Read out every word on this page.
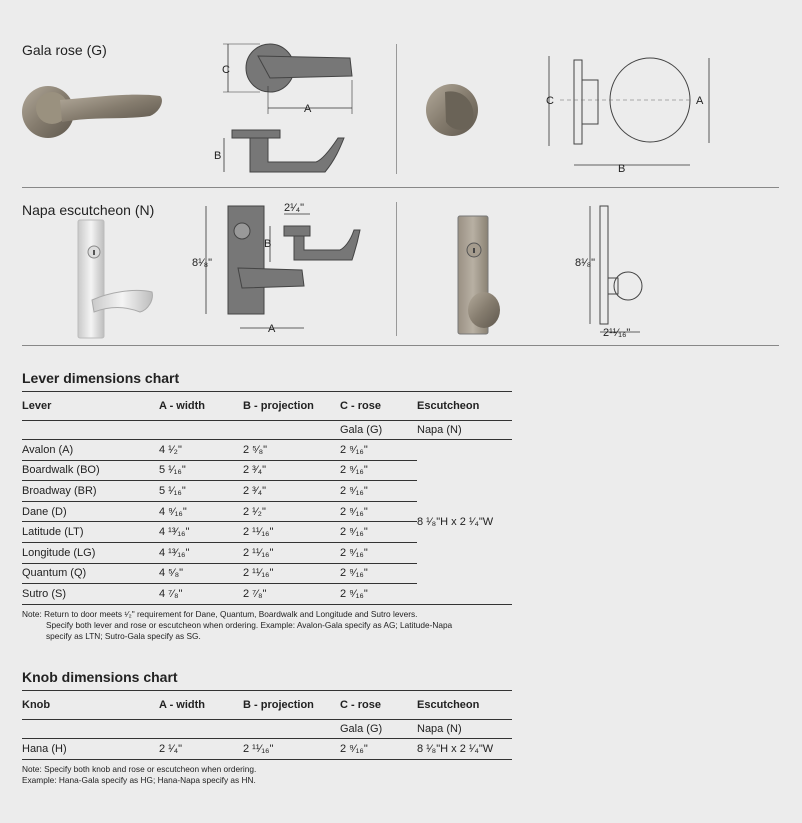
Gala rose (G)
Napa escutcheon (N)
C
A
B
C	A
B
8¹⁄₈"
A
B
2¹⁄₄"
8¹⁄₈"
2¹¹⁄₁₆"
Lever dimensions chart
Lever	A - width	B - projection	C - rose	Escutcheon
			Gala (G)	Napa (N)
Avalon (A)	4 ¹⁄₂"	2 ⁵⁄₈"	2 ⁹⁄₁₆"	8 ¹⁄₈"H x 2 ¹⁄₄"W
Boardwalk (BO)	5 ¹⁄₁₆"	2 ³⁄₄"	2 ⁹⁄₁₆"	
Broadway (BR)	5 ¹⁄₁₆"	2 ³⁄₄"	2 ⁹⁄₁₆"	
Dane (D)	4 ⁹⁄₁₆"	2 ¹⁄₂"	2 ⁹⁄₁₆"	
Latitude (LT)	4 ¹³⁄₁₆"	2 ¹¹⁄₁₆"	2 ⁹⁄₁₆"	
Longitude (LG)	4 ¹³⁄₁₆"	2 ¹¹⁄₁₆"	2 ⁹⁄₁₆"	
Quantum (Q)	4 ⁵⁄₈"	2 ¹¹⁄₁₆"	2 ⁹⁄₁₆"	
Sutro (S)	4 ⁷⁄₈"	2 ⁷⁄₈"	2 ⁹⁄₁₆"	
Note: Return to door meets ¹⁄₂" requirement for Dane, Quantum, Boardwalk and Longitude and Sutro levers.
Specify both lever and rose or escutcheon when ordering. Example: Avalon-Gala specify as AG; Latitude-Napa
specify as LTN; Sutro-Gala specify as SG.
Knob dimensions chart
Knob	A - width	B - projection	C - rose	Escutcheon
			Gala (G)	Napa (N)
Hana (H)	2 ¹⁄₄"	2 ¹¹⁄₁₆"	2 ⁹⁄₁₆"	8 ¹⁄₈"H x 2 ¹⁄₄"W
Note: Specify both knob and rose or escutcheon when ordering.
Example: Hana-Gala specify as HG; Hana-Napa specify as HN.
